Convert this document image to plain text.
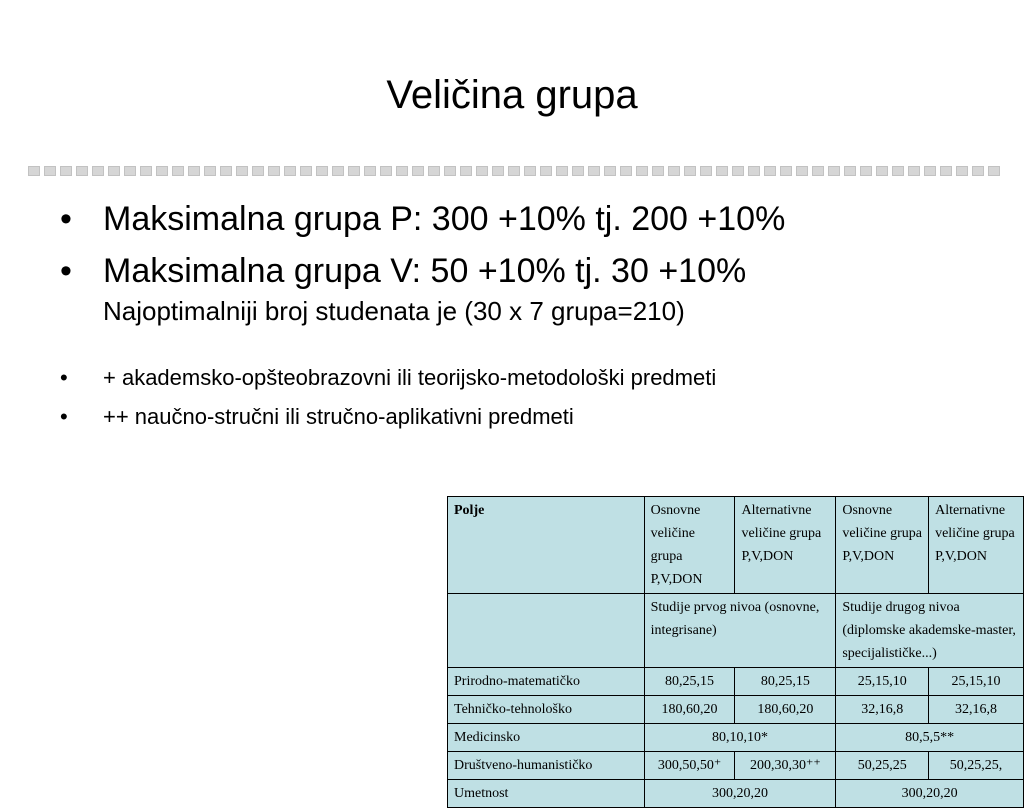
Veličina grupa
• Maksimalna grupa P: 300 +10% tj. 200 +10%
• Maksimalna grupa V: 50 +10% tj. 30 +10%
Najoptimalniji broj studenata je (30 x 7 grupa=210)
• + akademsko-opšteobrazovni ili teorijsko-metodološki predmeti
• ++ naučno-stručni ili stručno-aplikativni predmeti
Polje	Osnovne veličine grupa P,V,DON	Alternativne veličine grupa P,V,DON	Osnovne veličine grupa P,V,DON	Alternativne veličine grupa P,V,DON
	Studije prvog nivoa (osnovne, integrisane)		Studije drugog nivoa (diplomske akademske-master, specijalističke...)	
Prirodno-matematičko	80,25,15	80,25,15	25,15,10	25,15,10
Tehničko-tehnološko	180,60,20	180,60,20	32,16,8	32,16,8
Medicinsko	80,10,10*		80,5,5**	
Društveno-humanističko	300,50,50⁺	200,30,30⁺⁺	50,25,25	50,25,25,
Umetnost	300,20,20		300,20,20	
